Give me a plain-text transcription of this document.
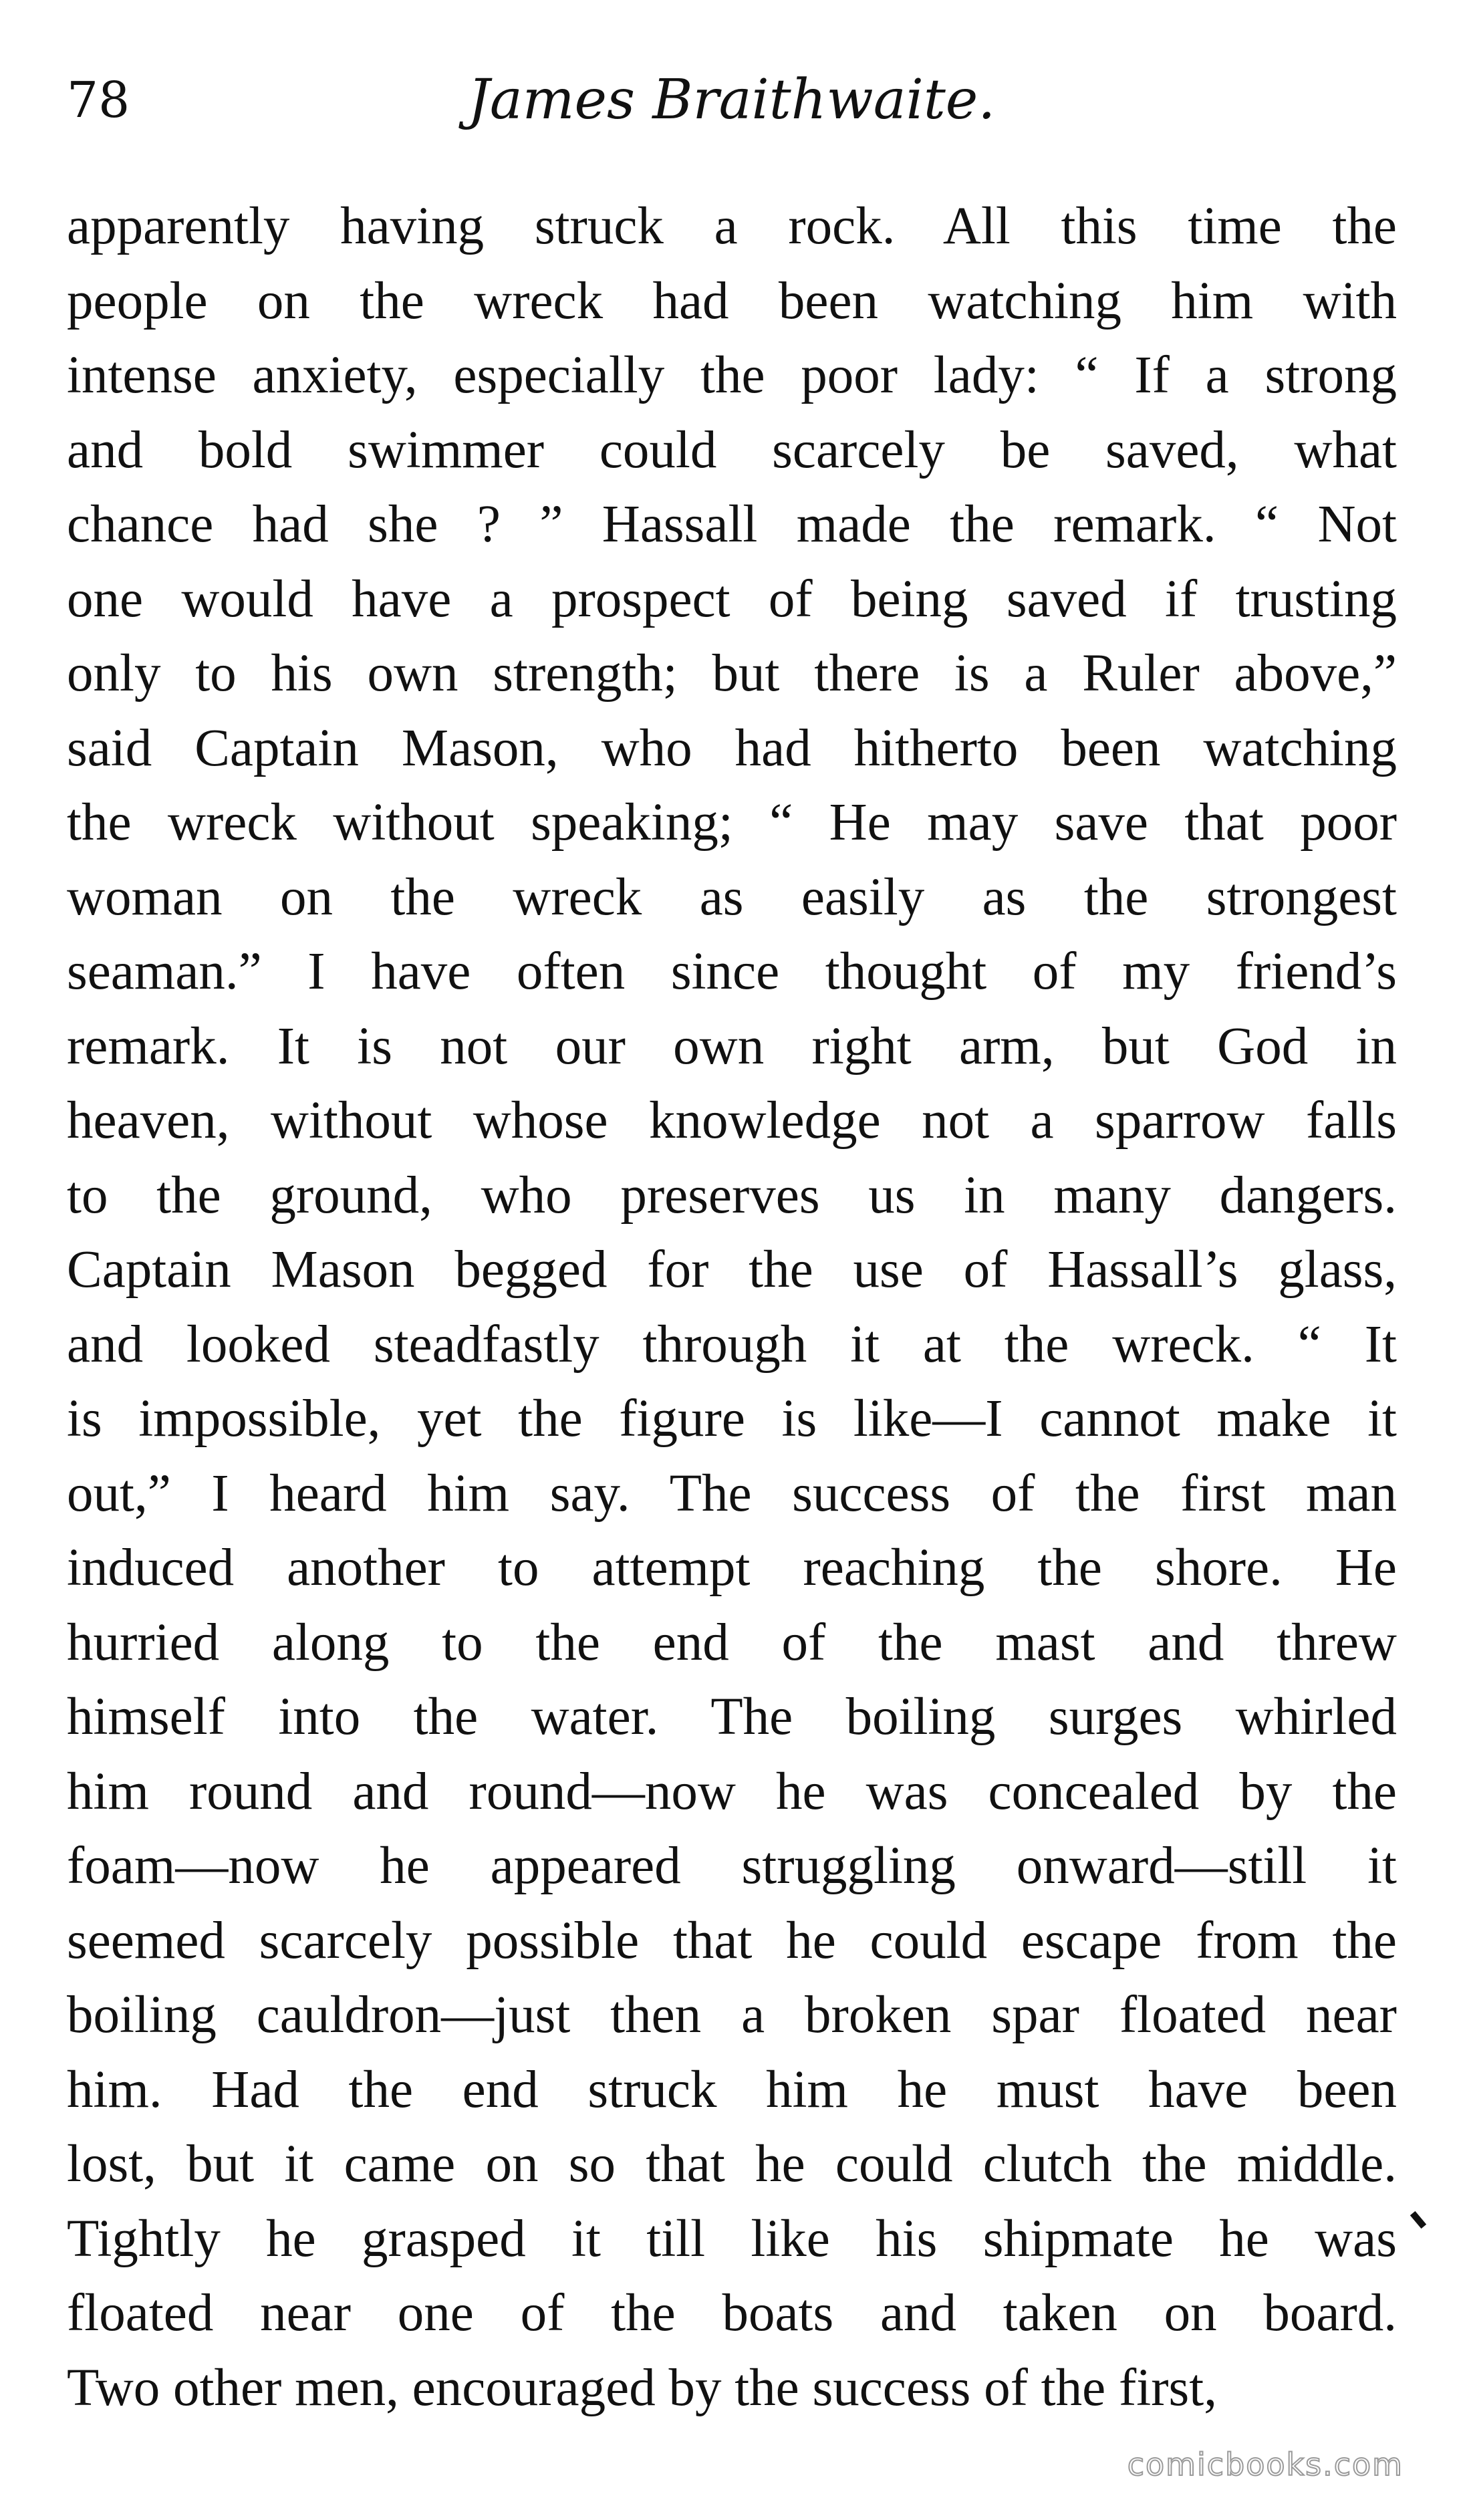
78	James Braithwaite.
apparently having struck a rock. All this time the
people on the wreck had been watching him with
intense anxiety, especially the poor lady: “ If a strong
and bold swimmer could scarcely be saved, what
chance had she ? ” Hassall made the remark. “ Not
one would have a prospect of being saved if trusting
only to his own strength; but there is a Ruler above,”
said Captain Mason, who had hitherto been watching
the wreck without speaking; “ He may save that poor
woman on the wreck as easily as the strongest
seaman.” I have often since thought of my friend’s
remark. It is not our own right arm, but God in
heaven, without whose knowledge not a sparrow falls
to the ground, who preserves us in many dangers.
Captain Mason begged for the use of Hassall’s glass,
and looked steadfastly through it at the wreck. “ It
is impossible, yet the figure is like—I cannot make it
out,” I heard him say. The success of the first man
induced another to attempt reaching the shore. He
hurried along to the end of the mast and threw
himself into the water. The boiling surges whirled
him round and round—now he was concealed by the
foam—now he appeared struggling onward—still it
seemed scarcely possible that he could escape from the
boiling cauldron—just then a broken spar floated near
him. Had the end struck him he must have been
lost, but it came on so that he could clutch the middle.
Tightly he grasped it till like his shipmate he was
floated near one of the boats and taken on board.
Two other men, encouraged by the success of the first,
comicbooks.com
